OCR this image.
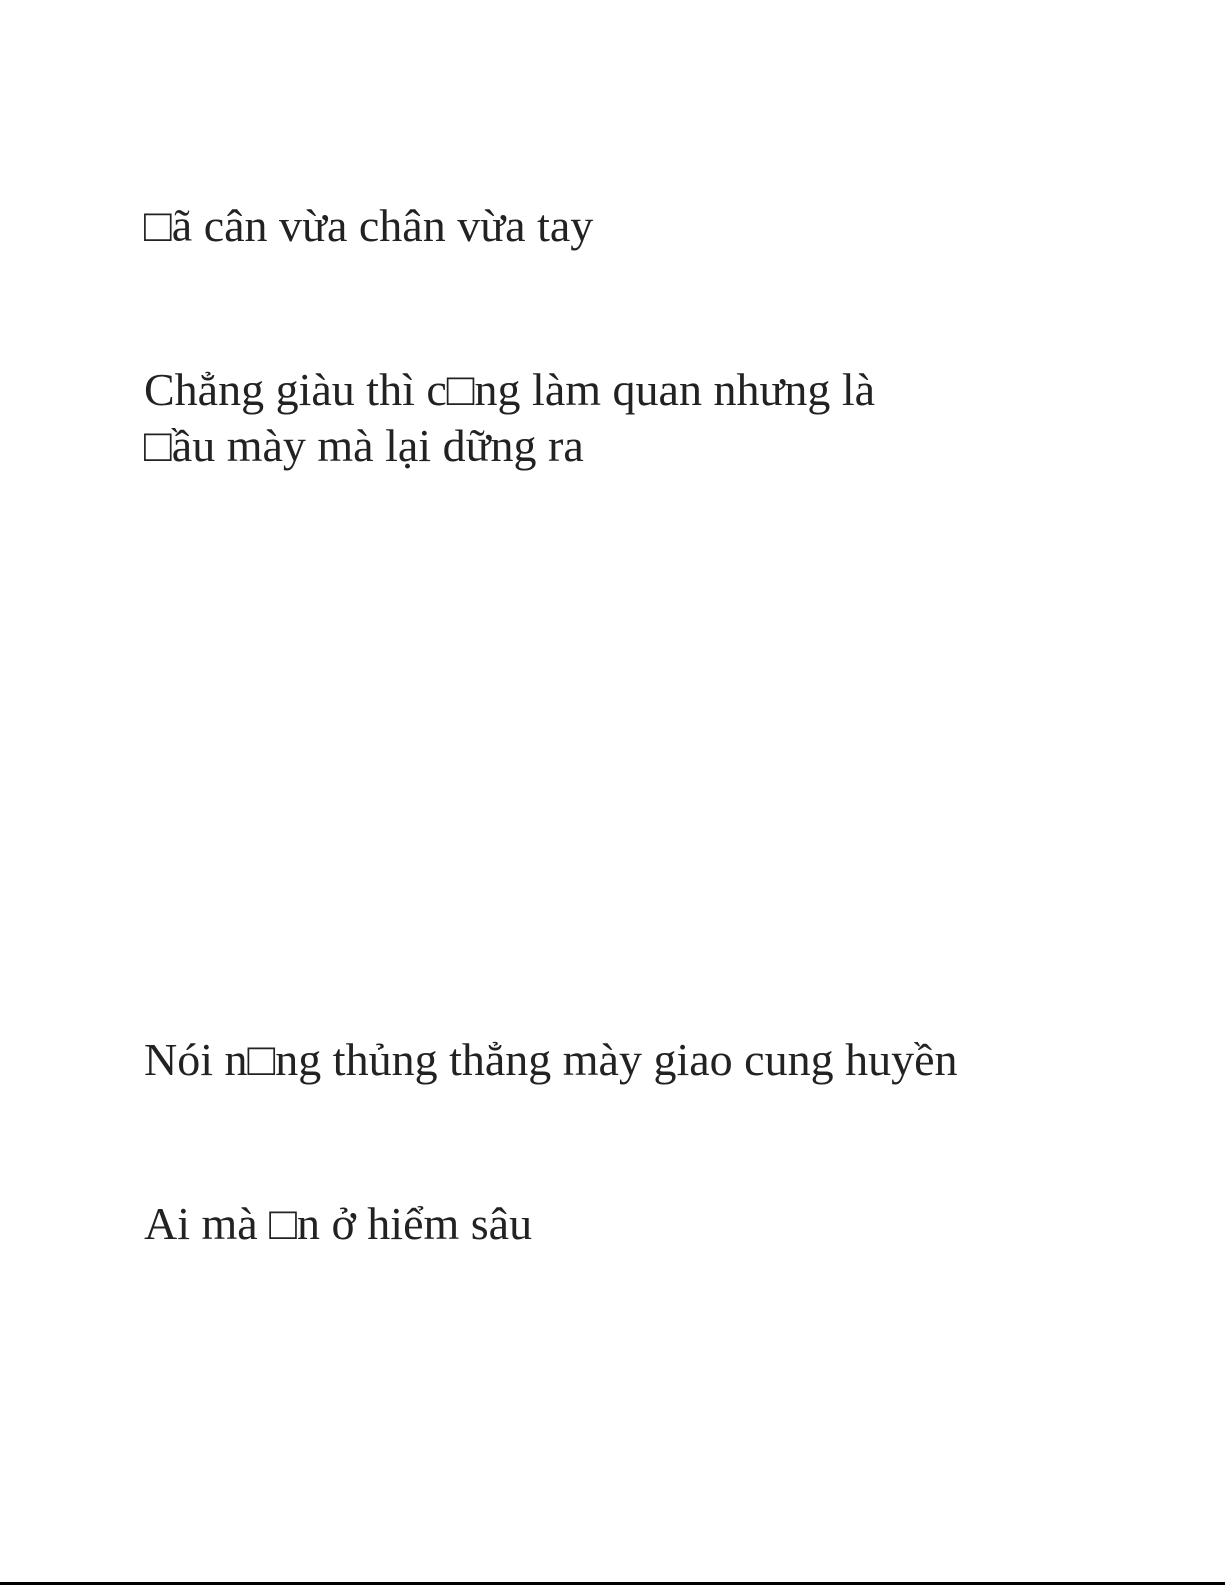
□ã cân vừa chân vừa tay

Chẳng giàu thì c□ng làm quan nhưng là

□ầu mày mà lại dững ra

Nói n□ng thủng thẳng mày giao cung huyền

Ai mà □n ở hiểm sâu
